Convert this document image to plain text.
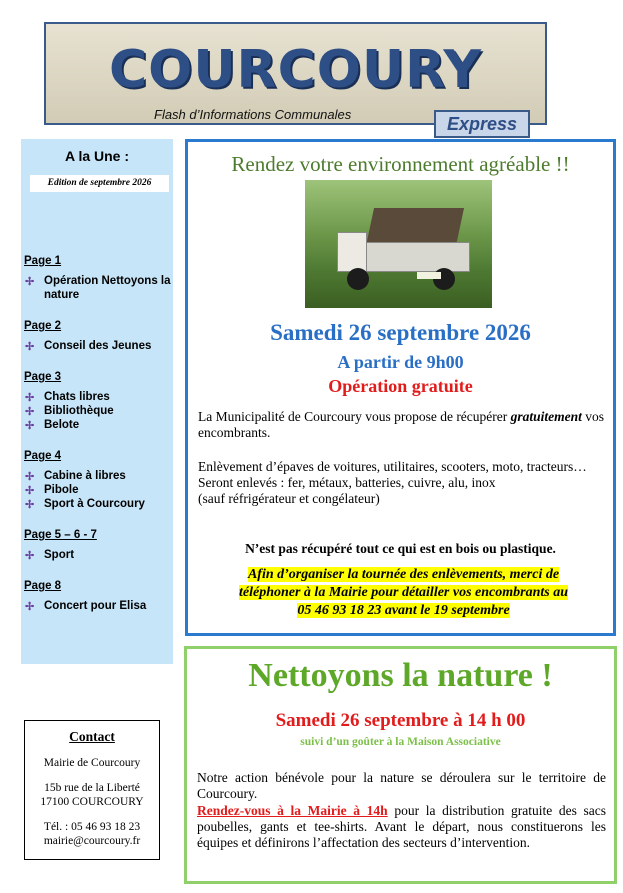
COURCOURY
Flash d’Informations Communales	Express
A la Une :
Edition de septembre 2026
Page 1
✢ Opération Nettoyons la nature
Page 2
✢ Conseil des Jeunes
Page 3
✢ Chats libres
✢ Bibliothèque
✢ Belote
Page 4
✢ Cabine à libres
✢ Pibole
✢ Sport à Courcoury
Page 5 – 6 - 7
✢ Sport
Page 8
✢ Concert pour Elisa
Contact

Mairie de Courcoury

15b rue de la Liberté

17100 COURCOURY

Tél. : 05 46 93 18 23

mairie@courcoury.fr

Rendez votre environnement agréable !!
Samedi 26 septembre 2026
A partir de 9h00
Opération gratuite
La Municipalité de Courcoury vous propose de récupérer gratuitement vos encombrants.
Enlèvement d’épaves de voitures, utilitaires, scooters, moto, tracteurs…
Seront enlevés : fer, métaux, batteries, cuivre, alu, inox
(sauf réfrigérateur et congélateur)
N’est pas récupéré tout ce qui est en bois ou plastique.
Afin d’organiser la tournée des enlèvements, merci de
téléphoner à la Mairie pour détailler vos encombrants au
05 46 93 18 23 avant le 19 septembre
Nettoyons la nature !
Samedi 26 septembre à 14 h 00
suivi d’un goûter à la Maison Associative
Notre action bénévole pour la nature se déroulera sur le territoire de Courcoury.
Rendez-vous à la Mairie à 14h pour la distribution gratuite des sacs poubelles, gants et tee-shirts. Avant le départ, nous constituerons les équipes et définirons l’affectation des secteurs d’intervention.
